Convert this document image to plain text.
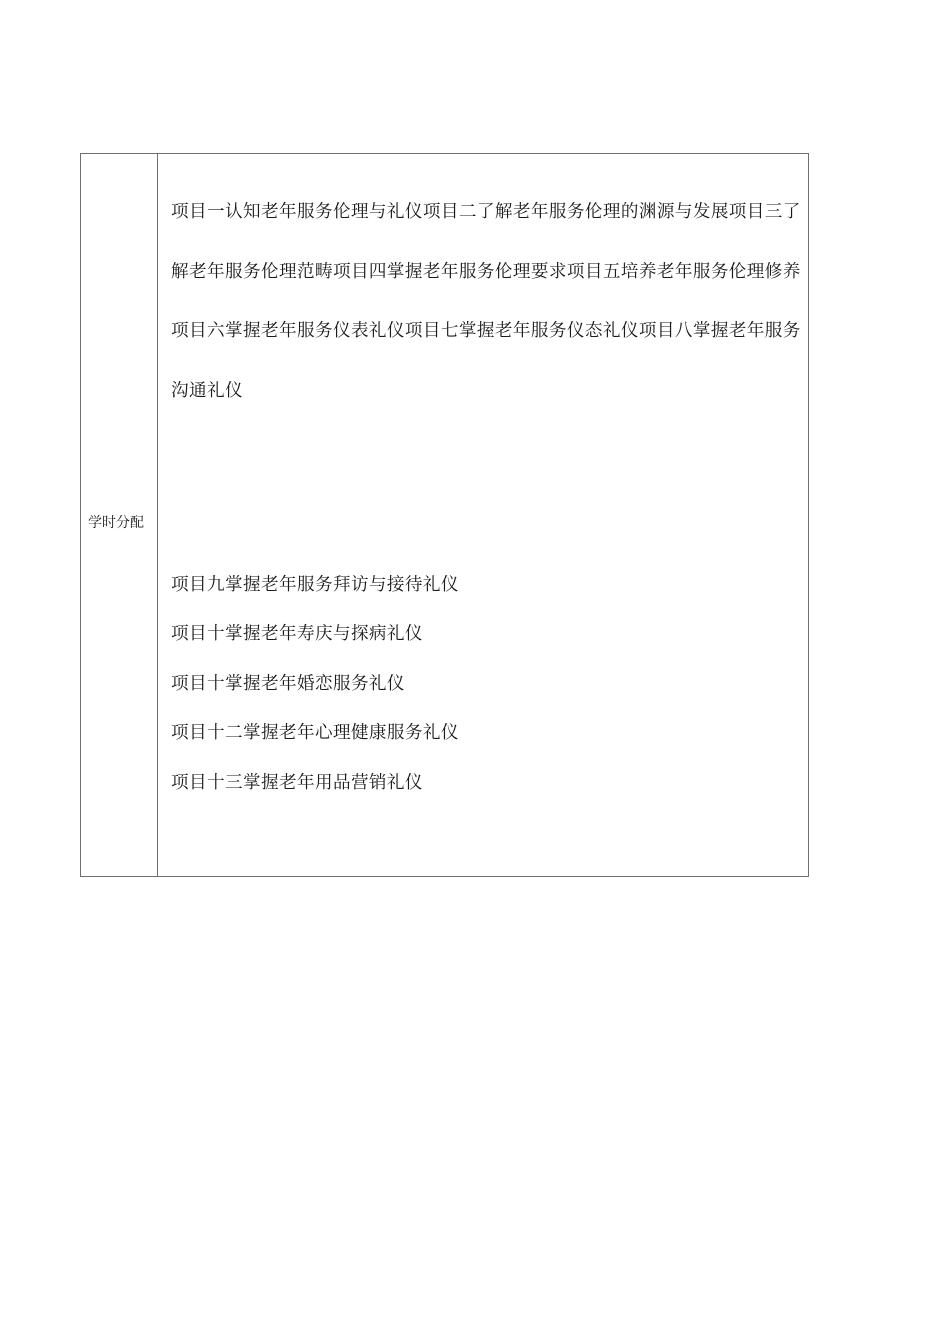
学时分配

项目一认知老年服务伦理与礼仪项目二了解老年服务伦理的渊源与发展项目三了解老年服务伦理范畴项目四掌握老年服务伦理要求项目五培养老年服务伦理修养项目六掌握老年服务仪表礼仪项目七掌握老年服务仪态礼仪项目八掌握老年服务沟通礼仪

项目九掌握老年服务拜访与接待礼仪

项目十掌握老年寿庆与探病礼仪

项目十掌握老年婚恋服务礼仪

项目十二掌握老年心理健康服务礼仪

项目十三掌握老年用品营销礼仪
